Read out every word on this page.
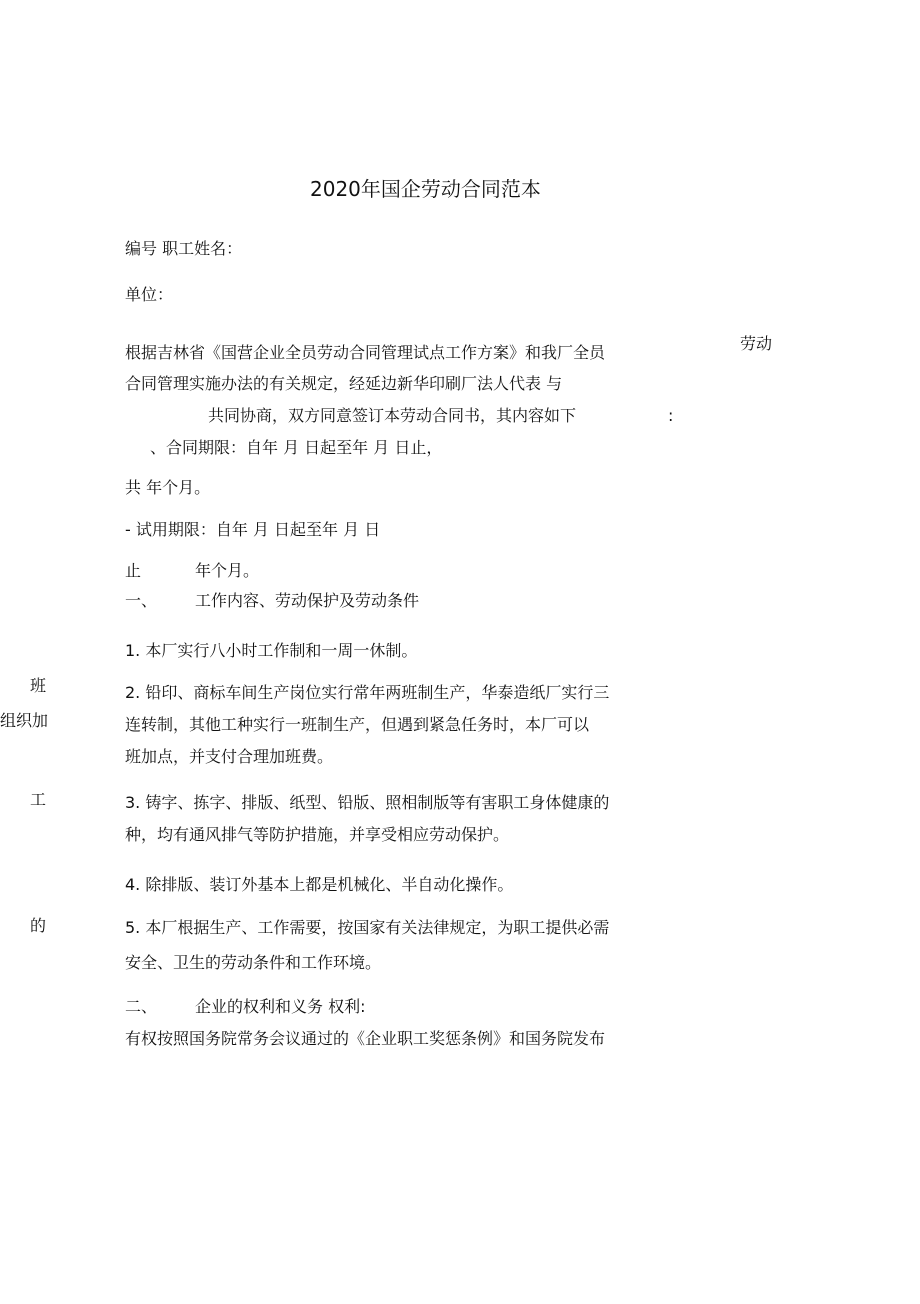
2020年国企劳动合同范本
编号 职工姓名：
单位：
根据吉林省《国营企业全员劳动合同管理试点工作方案》和我厂全员	劳动
合同管理实施办法的有关规定，经延边新华印刷厂法人代表 与
共同协商，双方同意签订本劳动合同书，其内容如下	:
、合同期限：自年 月 日起至年 月 日止，
共 年个月。
- 试用期限：自年 月 日起至年 月 日
止	年个月。
一、 工作内容、劳动保护及劳动条件
1. 本厂实行八小时工作制和一周一休制。
班	2. 铅印、商标车间生产岗位实行常年两班制生产，华泰造纸厂实行三
组织加	连转制，其他工种实行一班制生产，但遇到紧急任务时，本厂可以
班加点，并支付合理加班费。
工	3. 铸字、拣字、排版、纸型、铅版、照相制版等有害职工身体健康的
种，均有通风排气等防护措施，并享受相应劳动保护。
4. 除排版、装订外基本上都是机械化、半自动化操作。
的	5. 本厂根据生产、工作需要，按国家有关法律规定，为职工提供必需
安全、卫生的劳动条件和工作环境。
二、 企业的权利和义务 权利:
有权按照国务院常务会议通过的《企业职工奖惩条例》和国务院发布
